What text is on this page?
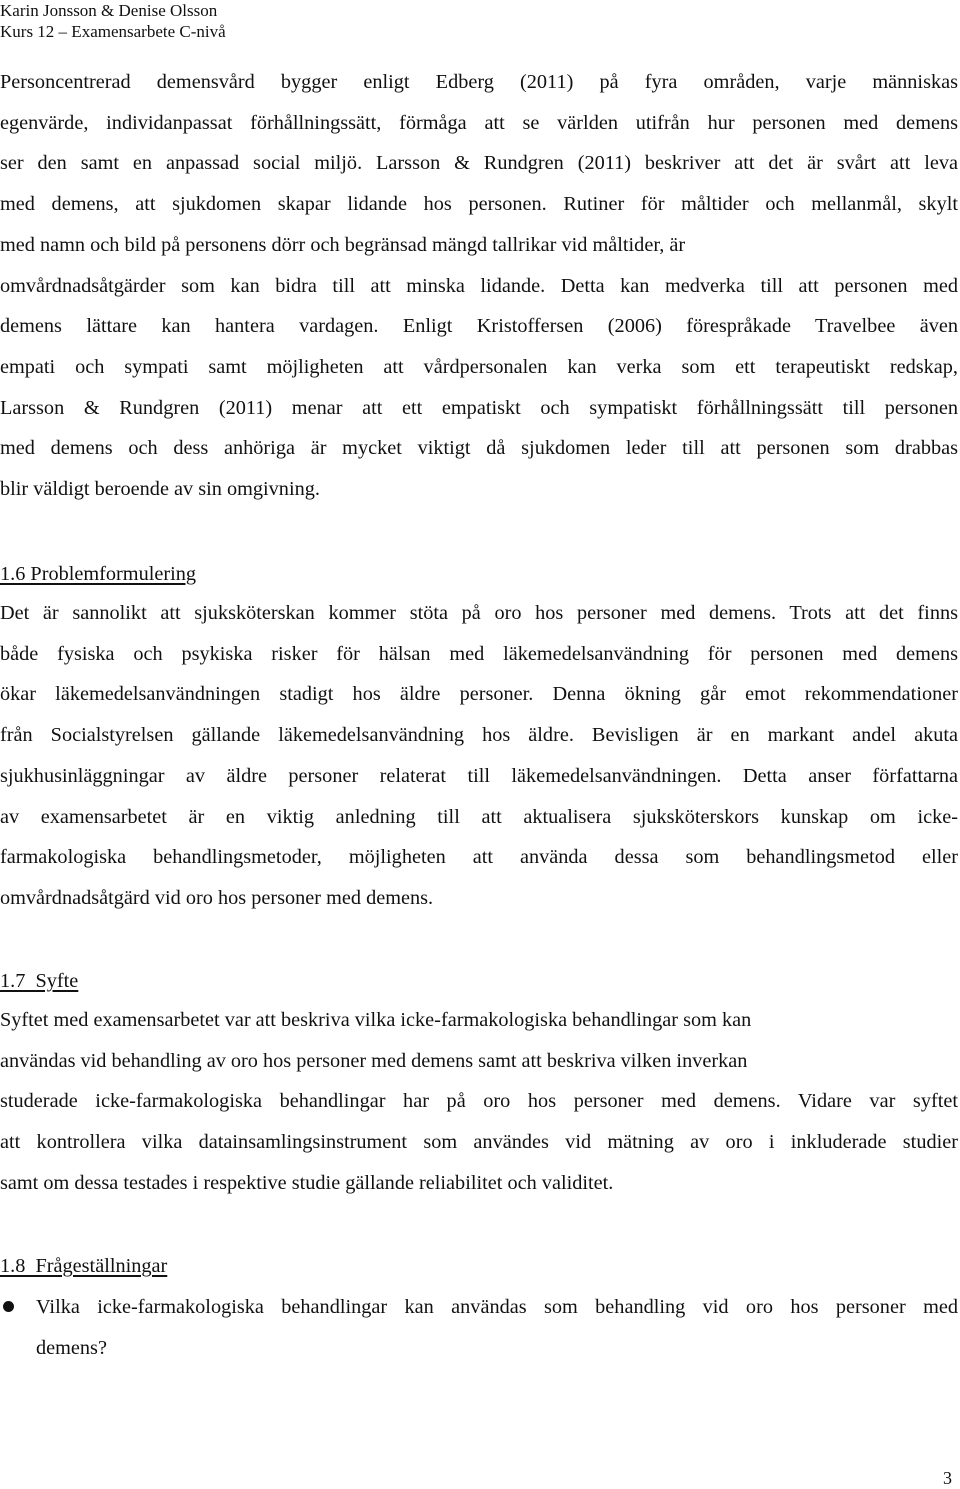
Karin Jonsson & Denise Olsson
Kurs 12 – Examensarbete C-nivå
Personcentrerad demensvård bygger enligt Edberg (2011) på fyra områden, varje människas
egenvärde, individanpassat förhållningssätt, förmåga att se världen utifrån hur personen med demens
ser den samt en anpassad social miljö. Larsson & Rundgren (2011) beskriver att det är svårt att leva
med demens, att sjukdomen skapar lidande hos personen. Rutiner för måltider och mellanmål, skylt
med namn och bild på personens dörr och begränsad mängd tallrikar vid måltider, är
omvårdnadsåtgärder som kan bidra till att minska lidande. Detta kan medverka till att personen med
demens lättare kan hantera vardagen. Enligt Kristoffersen (2006) förespråkade Travelbee även
empati och sympati samt möjligheten att vårdpersonalen kan verka som ett terapeutiskt redskap,
Larsson & Rundgren (2011) menar att ett empatiskt och sympatiskt förhållningssätt till personen
med demens och dess anhöriga är mycket viktigt då sjukdomen leder till att personen som drabbas
blir väldigt beroende av sin omgivning.
1.6 Problemformulering
Det är sannolikt att sjuksköterskan kommer stöta på oro hos personer med demens. Trots att det finns
både fysiska och psykiska risker för hälsan med läkemedelsanvändning för personen med demens
ökar läkemedelsanvändningen stadigt hos äldre personer. Denna ökning går emot rekommendationer
från Socialstyrelsen gällande läkemedelsanvändning hos äldre. Bevisligen är en markant andel akuta
sjukhusinläggningar av äldre personer relaterat till läkemedelsanvändningen. Detta anser författarna
av examensarbetet är en viktig anledning till att aktualisera sjuksköterskors kunskap om icke-
farmakologiska behandlingsmetoder, möjligheten att använda dessa som behandlingsmetod eller
omvårdnadsåtgärd vid oro hos personer med demens.
1.7  Syfte
Syftet med examensarbetet var att beskriva vilka icke-farmakologiska behandlingar som kan
användas vid behandling av oro hos personer med demens samt att beskriva vilken inverkan
studerade icke-farmakologiska behandlingar har på oro hos personer med demens. Vidare var syftet
att kontrollera vilka datainsamlingsinstrument som användes vid mätning av oro i inkluderade studier
samt om dessa testades i respektive studie gällande reliabilitet och validitet.
1.8  Frågeställningar
Vilka icke-farmakologiska behandlingar kan användas som behandling vid oro hos personer med
demens?
3
